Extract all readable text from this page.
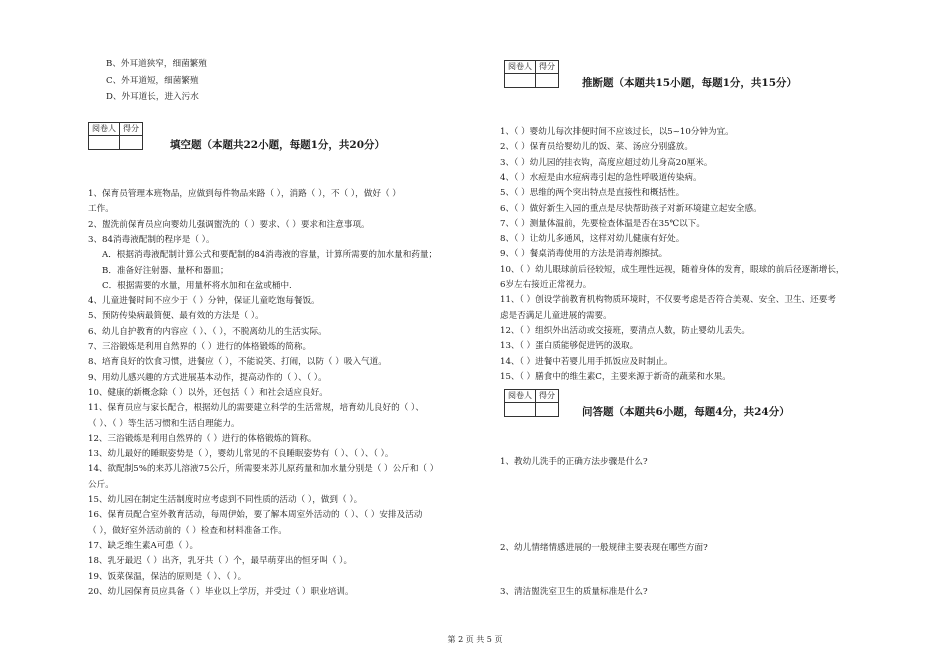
B、外耳道狭窄，细菌繁殖
C、外耳道短，细菌繁殖
D、外耳道长，进入污水
阅卷人	得分

填空题（本题共22小题，每题1分，共20分）
1、保育员管理本班物品，应做到每件物品来路（ ），消路（ ），不（ ），做好（ ）
工作。
2、盥洗前保育员应向婴幼儿强调盥洗的（ ）要求、（ ）要求和注意事项。
3、84消毒液配制的程序是（ ）。
A．根据消毒液配制计算公式和要配制的84消毒液的容量，计算所需要的加水量和药量；
B．准备好注射器、量杯和器皿；
C．根据需要的水量，用量杯将水加和在盆或桶中.
4、儿童进餐时间不应少于（ ）分钟，保证儿童吃饱每餐饭。
5、预防传染病最简便、最有效的方法是（ ）。
6、幼儿自护教育的内容应（ ）、（ ），不脱离幼儿的生活实际。
7、三浴锻炼是利用自然界的（ ）进行的体格锻炼的简称。
8、培育良好的饮食习惯，进餐应（ ），不能说笑、打闹，以防（ ）吸入气道。
9、用幼儿感兴趣的方式进展基本动作，提高动作的（ ）、（ ）。
10、健康的新概念除（ ）以外，还包括（ ）和社会适应良好。
11、保育员应与家长配合，根据幼儿的需要建立科学的生活常规，培育幼儿良好的（ ）、
（ ）、（ ）等生活习惯和生活自理能力。
12、三浴锻炼是利用自然界的（ ）进行的体格锻炼的简称。
13、幼儿最好的睡眠姿势是（ ），婴幼儿常见的不良睡眠姿势有（ ）、（ ）、（ ）。
14、欲配制5%的来苏儿溶液75公斤，所需要来苏儿原药量和加水量分别是（ ）公斤和（ ）
公斤。
15、幼儿园在制定生活制度时应考虑到不同性质的活动（ ），做到（ ）。
16、保育员配合室外教育活动，每周伊始，要了解本周室外活动的（ ）、（ ）安排及活动
（ ），做好室外活动前的（ ）检查和材料准备工作。
17、缺乏维生素A可患（ ）。
18、乳牙最迟（ ）出齐，乳牙共（ ）个，最早萌芽出的恒牙叫（ ）。
19、饭菜保温，保洁的原则是（ ）、（ ）。
20、幼儿园保育员应具备（ ）毕业以上学历，并受过（ ）职业培训。
阅卷人	得分

推断题（本题共15小题，每题1分，共15分）
1、（ ）婴幼儿每次排便时间不应该过长，以5~10分钟为宜。
2、（ ）保育员给婴幼儿的饭、菜、汤应分别盛放。
3、（ ）幼儿园的挂衣钩，高度应超过幼儿身高20厘米。
4、（ ）水痘是由水痘病毒引起的急性呼吸道传染病。
5、（ ）思维的两个突出特点是直接性和概括性。
6、（ ）做好新生入园的重点是尽快帮助孩子对新环境建立起安全感。
7、（ ）测量体温前，先要检查体温是否在35℃以下。
8、（ ）让幼儿多通风，这样对幼儿健康有好处。
9、（ ）餐桌消毒使用的方法是消毒剂擦拭。
10、（ ）幼儿眼球前后径较短，成生理性远视，随着身体的发育，眼球的前后径逐渐增长，
6岁左右接近正常视力。
11、（ ）创设学前教育机构物质环境时，不仅要考虑是否符合美观、安全、卫生、还要考
虑是否满足儿童进展的需要。
12、（ ）组织外出活动或交接班，要清点人数，防止婴幼儿丢失。
13、（ ）蛋白质能够促进钙的汲取。
14、（ ）进餐中若婴儿用手抓饭应及时制止。
15、（ ）膳食中的维生素C，主要来源于新奇的蔬菜和水果。
阅卷人	得分

问答题（本题共6小题，每题4分，共24分）
1、教幼儿洗手的正确方法步骤是什么?
2、幼儿情绪情感进展的一般规律主要表现在哪些方面?
3、清洁盥洗室卫生的质量标准是什么?
第 2 页 共 5 页
